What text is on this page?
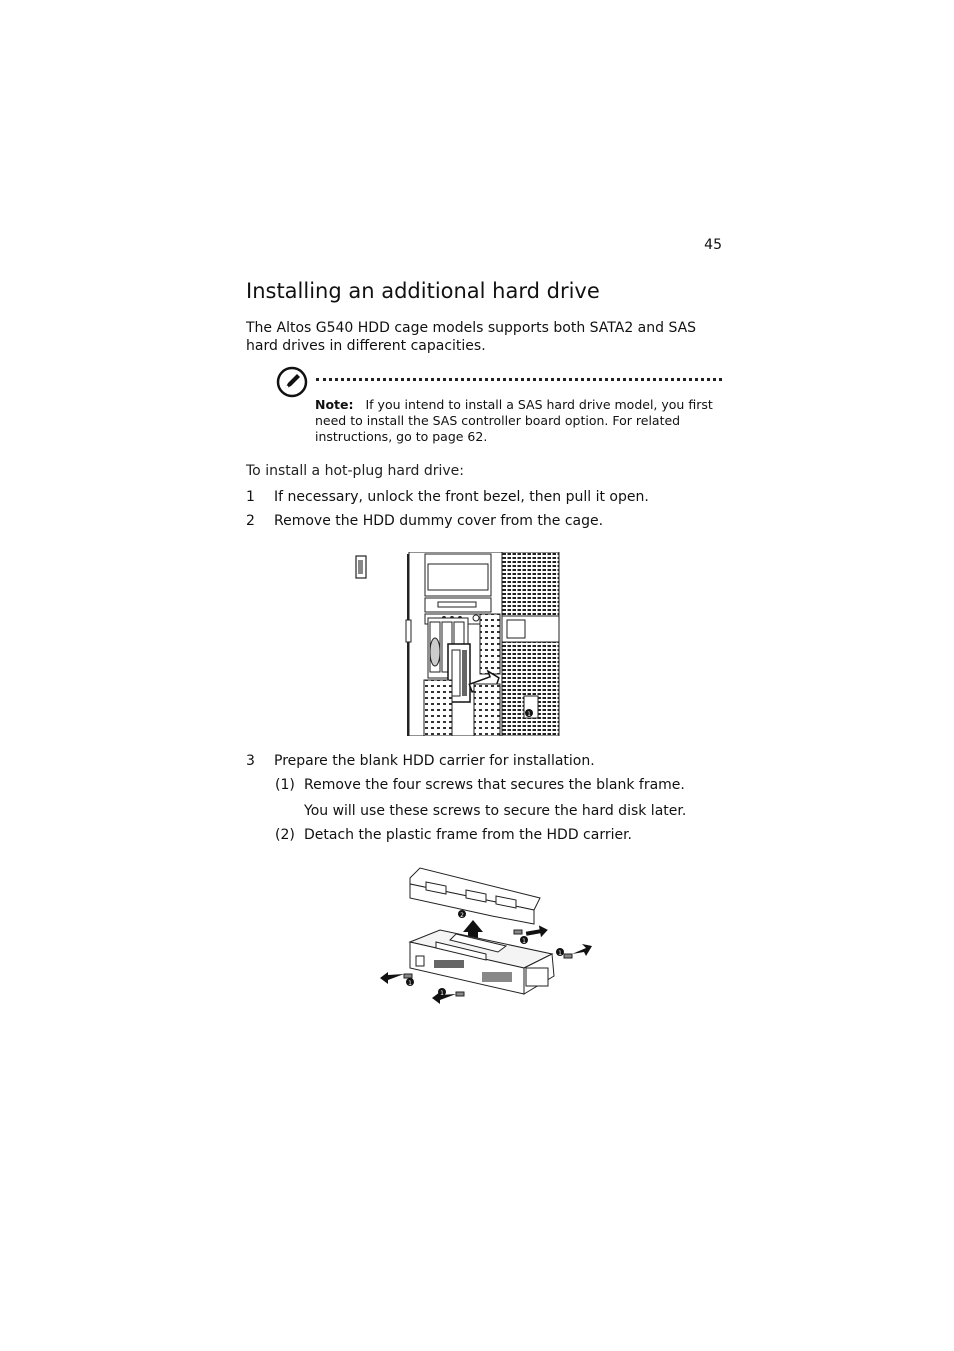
45
Installing an additional hard drive
The Altos G540 HDD cage models supports both SATA2 and SAS hard drives in different capacities.
Note: If you intend to install a SAS hard drive model, you first need to install the SAS controller board option. For related instructions, go to page 62.
To install a hot-plug hard drive:
1 If necessary, unlock the front bezel, then pull it open.
2 Remove the HDD dummy cover from the cage.
1
3 Prepare the blank HDD carrier for installation.
(1) Remove the four screws that secures the blank frame.
You will use these screws to secure the hard disk later.
(2) Detach the plastic frame from the HDD carrier.
2
1
1
1
1
